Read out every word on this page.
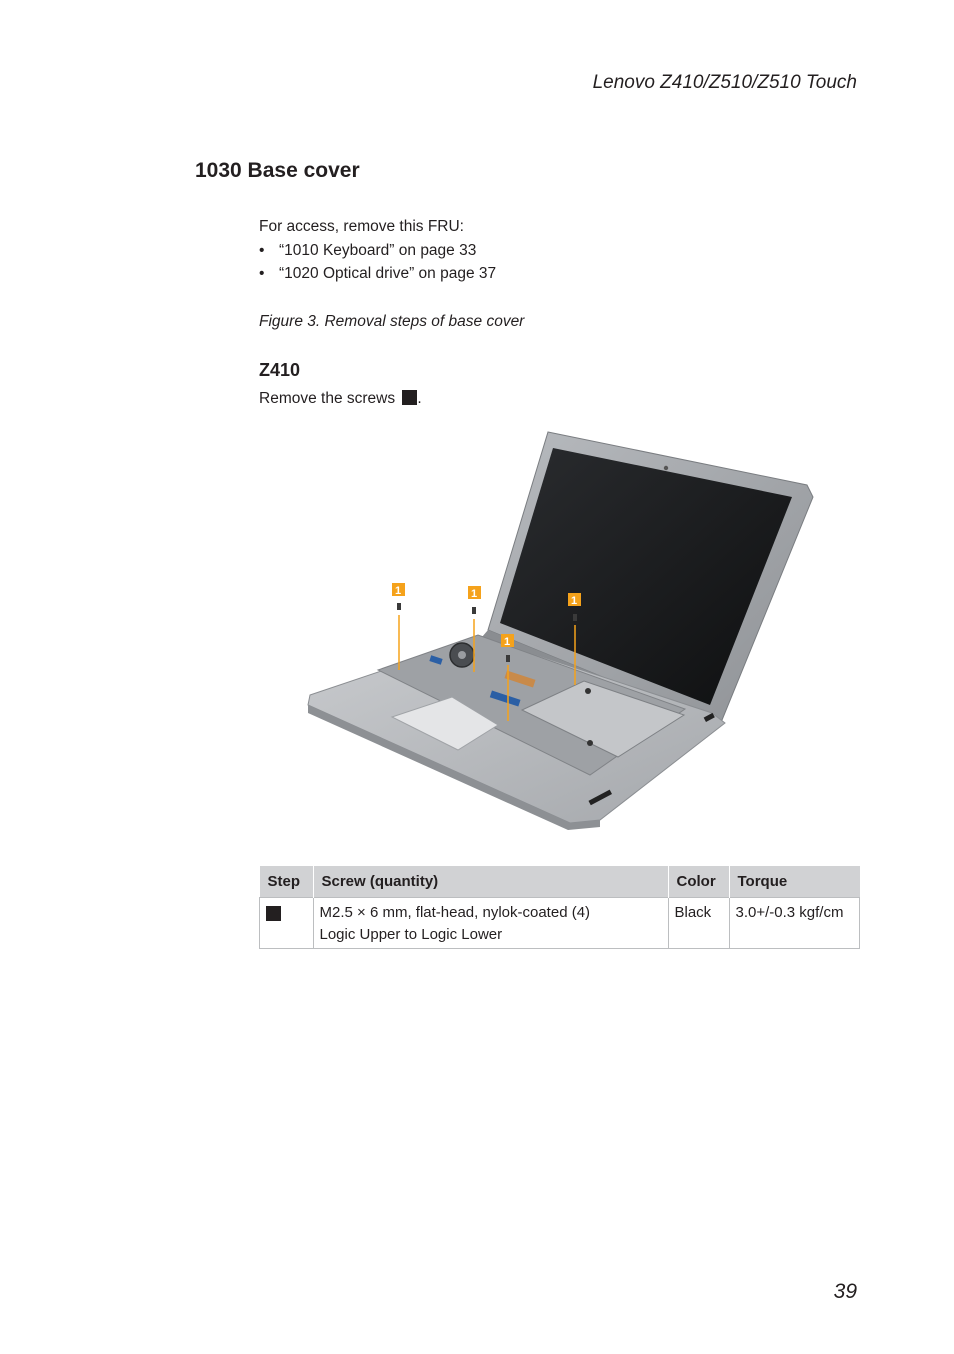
Lenovo Z410/Z510/Z510 Touch
1030 Base cover
For access, remove this FRU:
• “1010 Keyboard” on page 33
• “1020 Optical drive” on page 37
Figure 3. Removal steps of base cover
Z410
Remove the screws .
1	1
1
1
Step	Screw (quantity)	Color	Torque

	M2.5 × 6 mm, flat-head, nylok-coated (4)
Logic Upper to Logic Lower	Black	3.0+/-0.3 kgf/cm
39
